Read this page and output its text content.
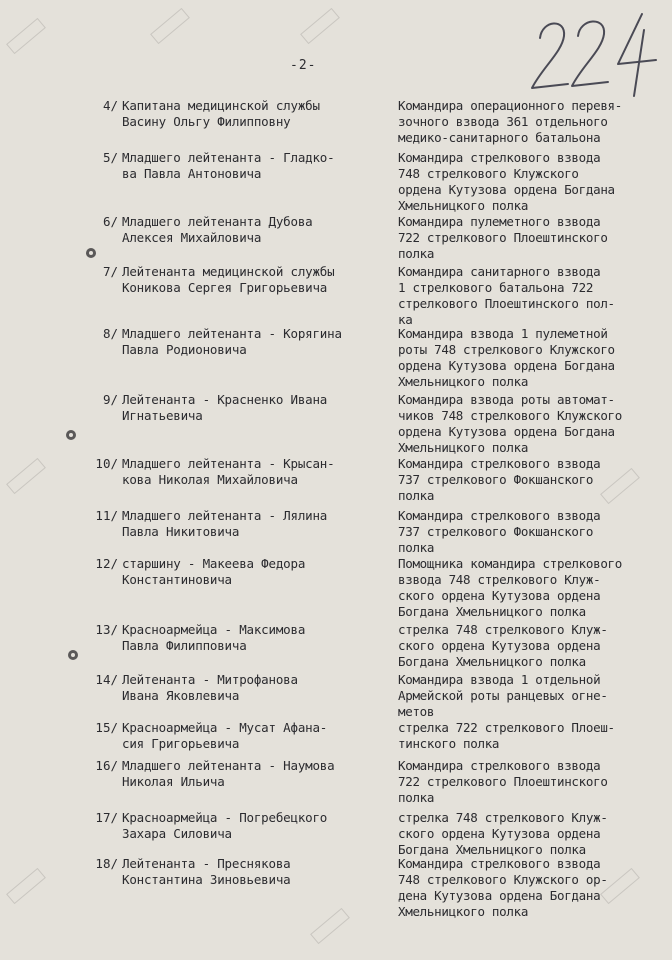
-2-
4/ Капитана медицинской службы
Васину Ольгу Филипповну
Командира операционного перевя-
зочного взвода 361 отдельного
медико-санитарного батальона
5/ Младшего лейтенанта - Гладко-
ва Павла Антоновича
Командира стрелкового взвода
748 стрелкового Клужского
ордена Кутузова ордена Богдана
Хмельницкого полка
6/ Младшего лейтенанта Дубова
Алексея Михайловича
Командира пулеметного взвода
722 стрелкового Плоештинского
полка
7/ Лейтенанта медицинской службы
Коникова Сергея Григорьевича
Командира санитарного взвода
1 стрелкового батальона 722
стрелкового Плоештинского пол-
ка
8/ Младшего лейтенанта - Корягина
Павла Родионовича
Командира взвода 1 пулеметной
роты 748 стрелкового Клужского
ордена Кутузова ордена Богдана
Хмельницкого полка
9/ Лейтенанта - Красненко Ивана
Игнатьевича
Командира взвода роты автомат-
чиков 748 стрелкового Клужского
ордена Кутузова ордена Богдана
Хмельницкого полка
10/ Младшего лейтенанта - Крысан-
кова Николая Михайловича
Командира стрелкового взвода
737 стрелкового Фокшанского
полка
11/ Младшего лейтенанта - Лялина
Павла Никитовича
Командира стрелкового взвода
737 стрелкового Фокшанского
полка
12/ старшину - Макеева Федора
Константиновича
Помощника командира стрелкового
взвода 748 стрелкового Клуж-
ского ордена Кутузова ордена
Богдана Хмельницкого полка
13/ Красноармейца - Максимова
Павла Филипповича
стрелка 748 стрелкового Клуж-
ского ордена Кутузова ордена
Богдана Хмельницкого полка
14/ Лейтенанта - Митрофанова
Ивана Яковлевича
Командира взвода 1 отдельной
Армейской роты ранцевых огне-
метов
15/ Красноармейца - Мусат Афана-
сия Григорьевича
стрелка 722 стрелкового Плоеш-
тинского полка
16/ Младшего лейтенанта - Наумова
Николая Ильича
Командира стрелкового взвода
722 стрелкового Плоештинского
полка
17/ Красноармейца - Погребецкого
Захара Силовича
стрелка 748 стрелкового Клуж-
ского ордена Кутузова ордена
Богдана Хмельницкого полка
18/ Лейтенанта - Преснякова
Константина Зиновьевича
Командира стрелкового взвода
748 стрелкового Клужского ор-
дена Кутузова ордена Богдана
Хмельницкого полка
